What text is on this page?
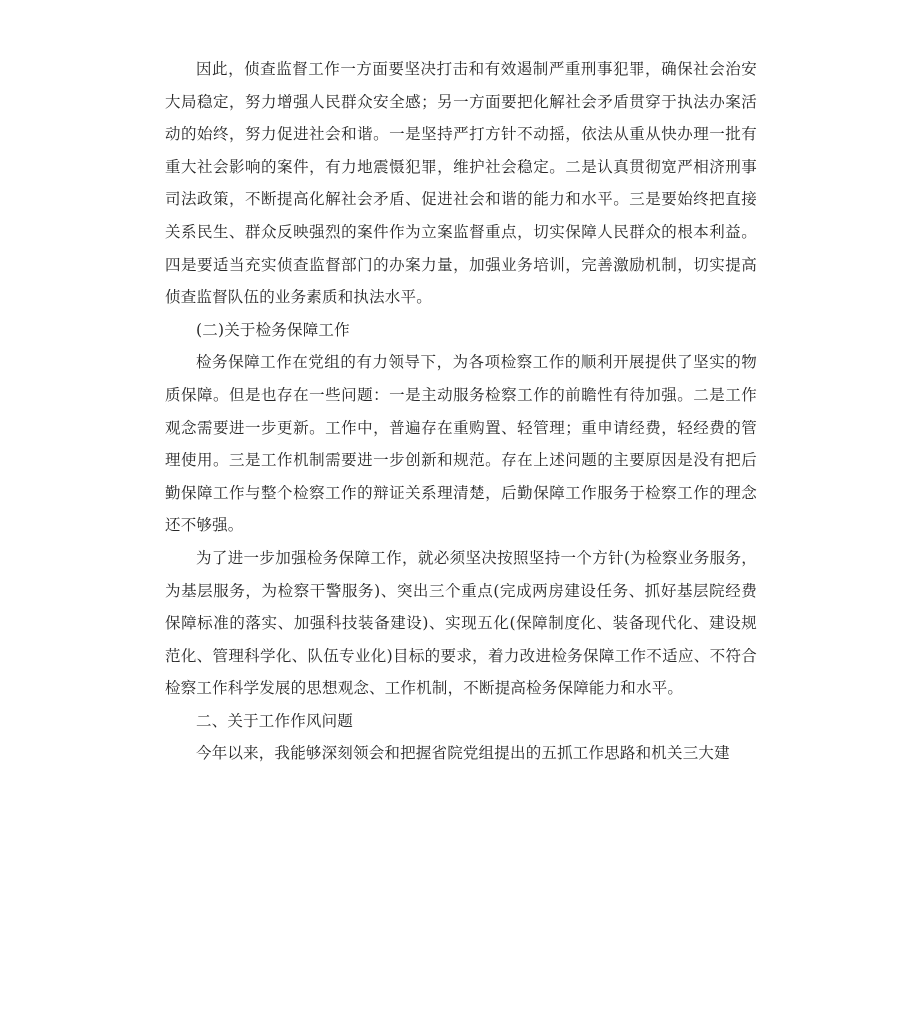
因此，侦查监督工作一方面要坚决打击和有效遏制严重刑事犯罪，确保社会治安大局稳定，努力增强人民群众安全感；另一方面要把化解社会矛盾贯穿于执法办案活动的始终，努力促进社会和谐。一是坚持严打方针不动摇，依法从重从快办理一批有重大社会影响的案件，有力地震慑犯罪，维护社会稳定。二是认真贯彻宽严相济刑事司法政策，不断提高化解社会矛盾、促进社会和谐的能力和水平。三是要始终把直接关系民生、群众反映强烈的案件作为立案监督重点，切实保障人民群众的根本利益。四是要适当充实侦查监督部门的办案力量，加强业务培训，完善激励机制，切实提高侦查监督队伍的业务素质和执法水平。

(二)关于检务保障工作

检务保障工作在党组的有力领导下，为各项检察工作的顺利开展提供了坚实的物质保障。但是也存在一些问题：一是主动服务检察工作的前瞻性有待加强。二是工作观念需要进一步更新。工作中，普遍存在重购置、轻管理；重申请经费，轻经费的管理使用。三是工作机制需要进一步创新和规范。存在上述问题的主要原因是没有把后勤保障工作与整个检察工作的辩证关系理清楚，后勤保障工作服务于检察工作的理念还不够强。

为了进一步加强检务保障工作，就必须坚决按照坚持一个方针(为检察业务服务，为基层服务，为检察干警服务)、突出三个重点(完成两房建设任务、抓好基层院经费保障标准的落实、加强科技装备建设)、实现五化(保障制度化、装备现代化、建设规范化、管理科学化、队伍专业化)目标的要求，着力改进检务保障工作不适应、不符合检察工作科学发展的思想观念、工作机制，不断提高检务保障能力和水平。

二、关于工作作风问题

今年以来，我能够深刻领会和把握省院党组提出的五抓工作思路和机关三大建
